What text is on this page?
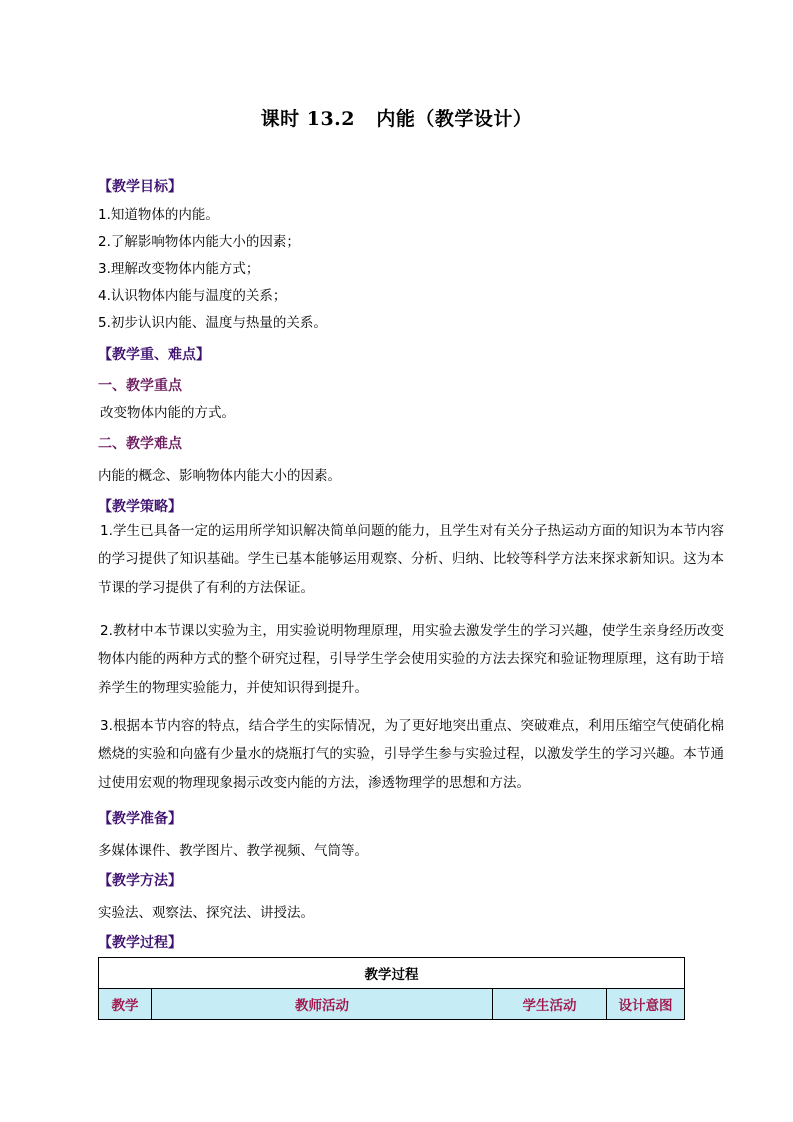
课时 13.2   内能（教学设计）
【教学目标】
1.知道物体的内能。
2.了解影响物体内能大小的因素；
3.理解改变物体内能方式；
4.认识物体内能与温度的关系；
5.初步认识内能、温度与热量的关系。
【教学重、难点】
一、教学重点
改变物体内能的方式。
二、教学难点
内能的概念、影响物体内能大小的因素。
【教学策略】
1.学生已具备一定的运用所学知识解决简单问题的能力，且学生对有关分子热运动方面的知识为本节内容的学习提供了知识基础。学生已基本能够运用观察、分析、归纳、比较等科学方法来探求新知识。这为本节课的学习提供了有利的方法保证。
2.教材中本节课以实验为主，用实验说明物理原理，用实验去激发学生的学习兴趣，使学生亲身经历改变物体内能的两种方式的整个研究过程，引导学生学会使用实验的方法去探究和验证物理原理，这有助于培养学生的物理实验能力，并使知识得到提升。
3.根据本节内容的特点，结合学生的实际情况，为了更好地突出重点、突破难点，利用压缩空气使硝化棉燃烧的实验和向盛有少量水的烧瓶打气的实验，引导学生参与实验过程，以激发学生的学习兴趣。本节通过使用宏观的物理现象揭示改变内能的方法，渗透物理学的思想和方法。
【教学准备】
多媒体课件、教学图片、教学视频、气筒等。
【教学方法】
实验法、观察法、探究法、讲授法。
【教学过程】
教学过程
教学	教师活动	学生活动	设计意图
